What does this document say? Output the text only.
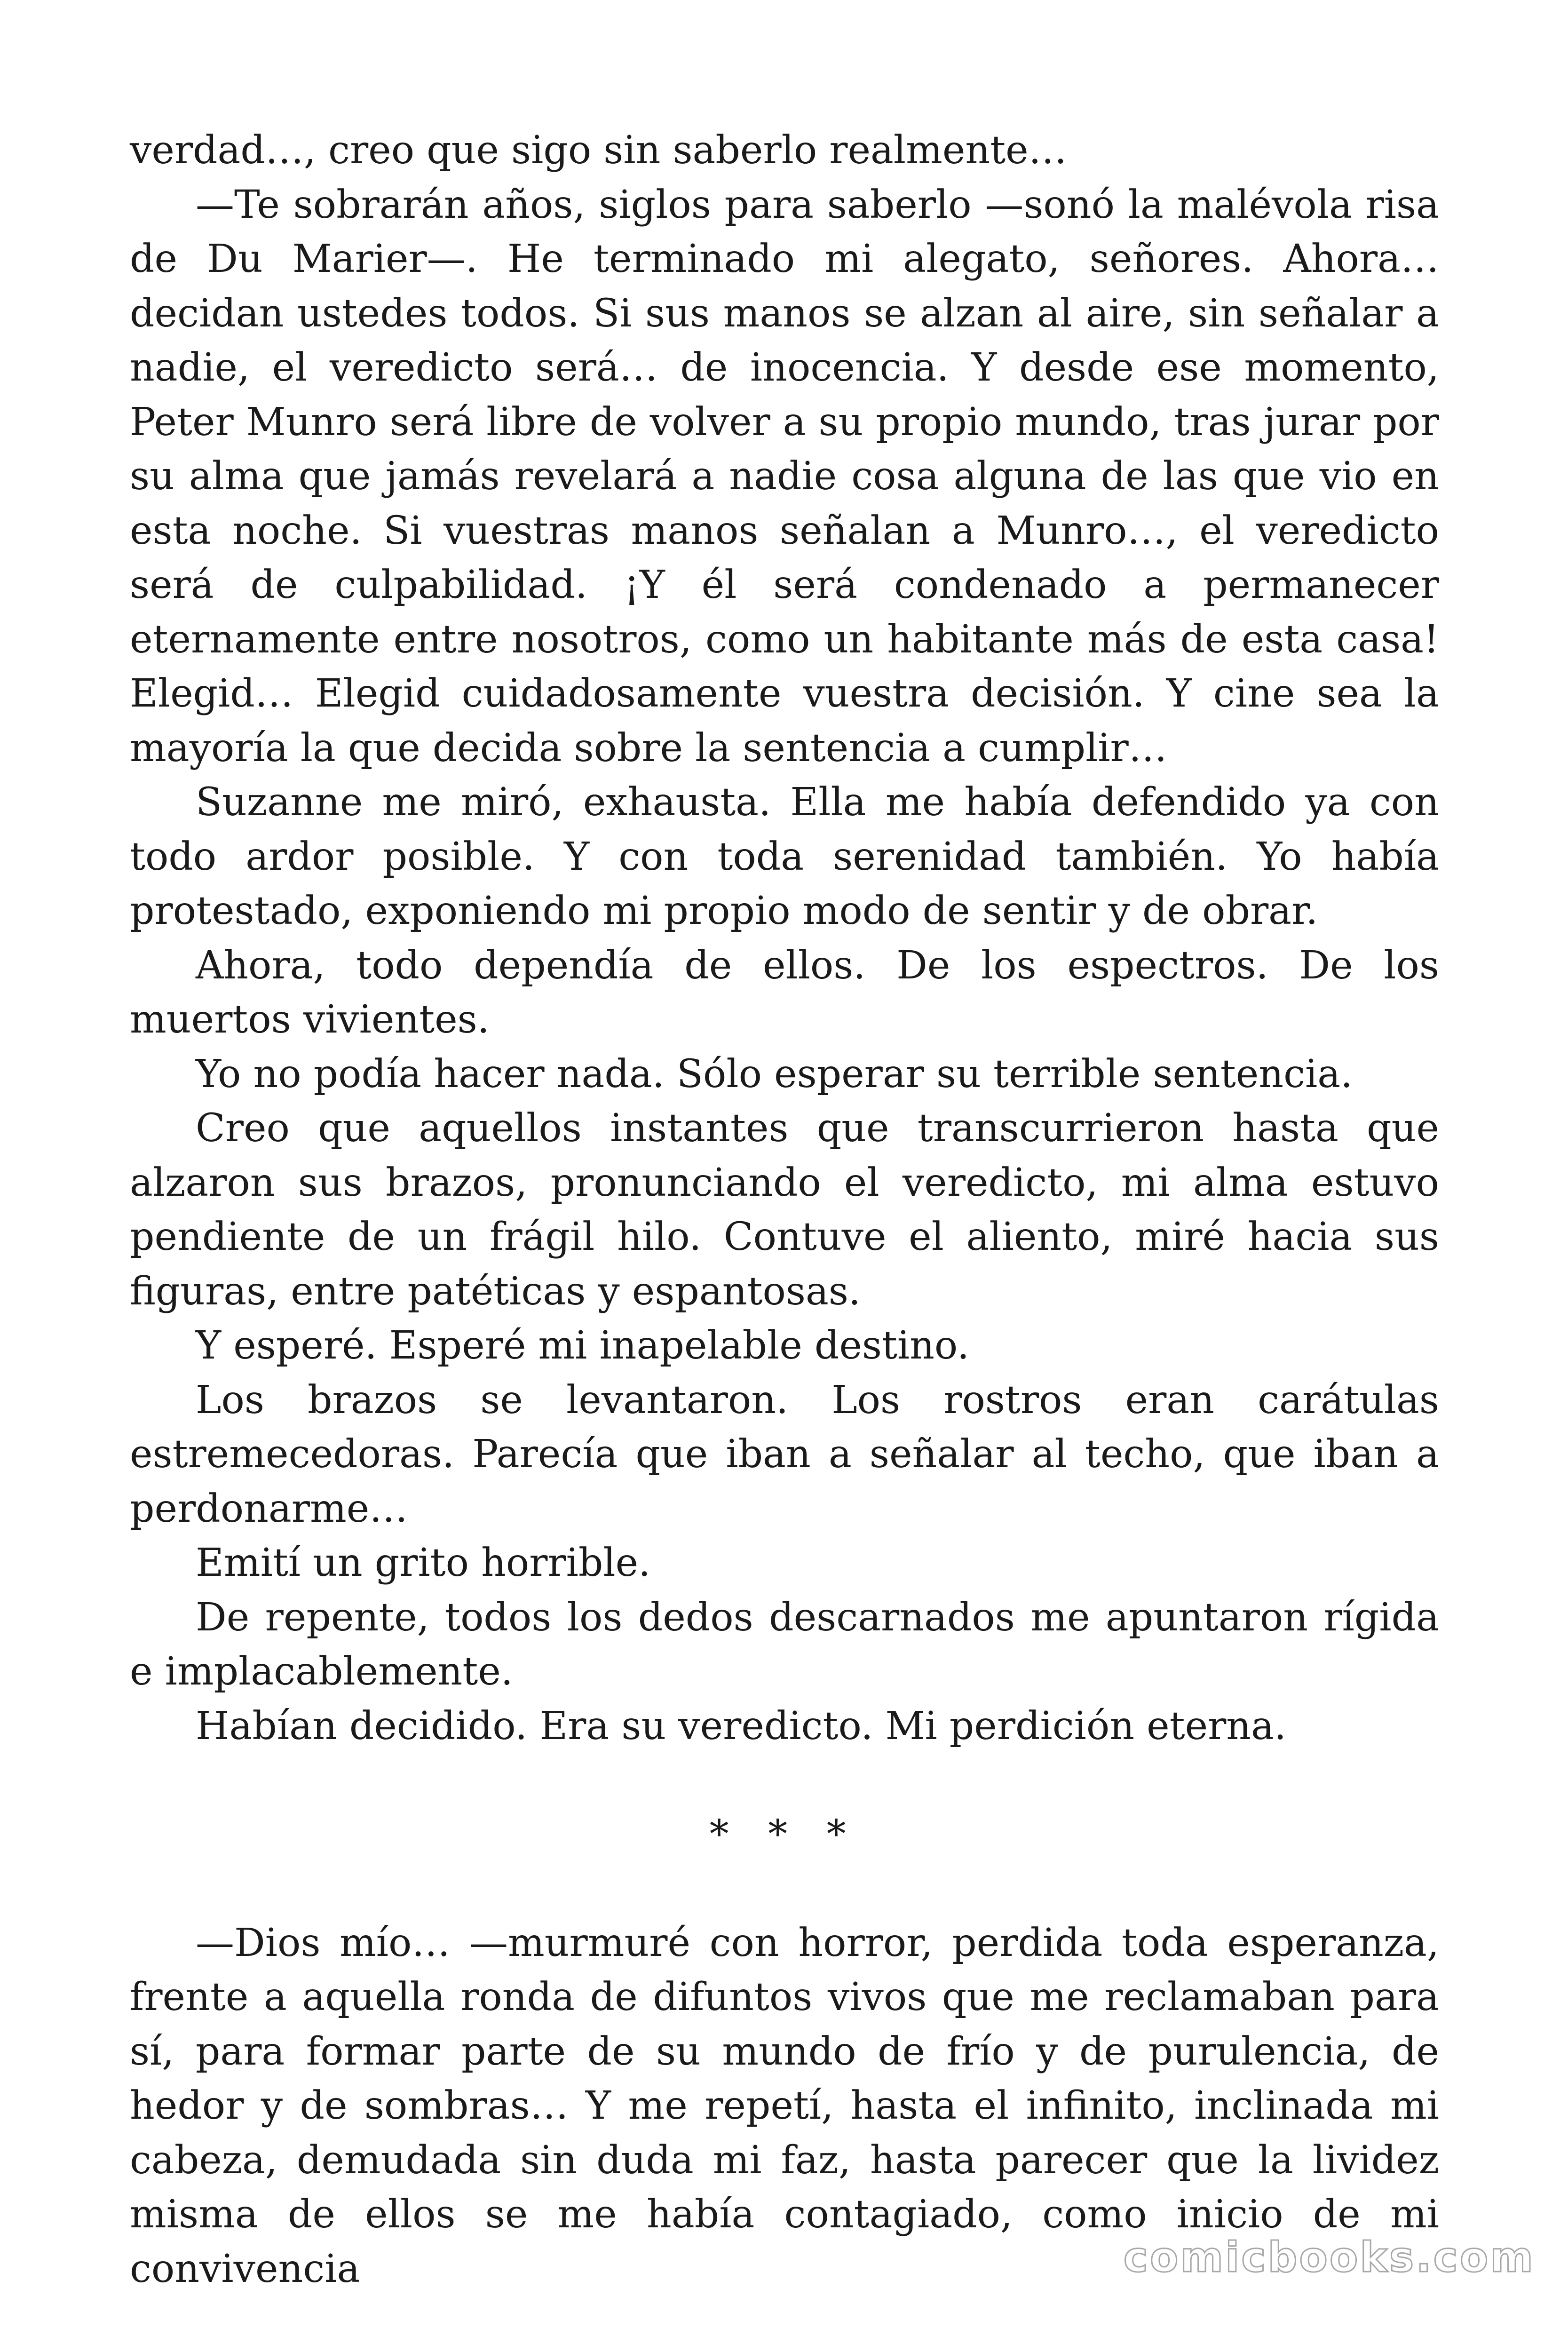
verdad…, creo que sigo sin saberlo realmente…

—Te sobrarán años, siglos para saberlo —sonó la malévola risa de Du Marier—. He terminado mi alegato, señores. Ahora… decidan ustedes todos. Si sus manos se alzan al aire, sin señalar a nadie, el veredicto será… de inocencia. Y desde ese momento, Peter Munro será libre de volver a su propio mundo, tras jurar por su alma que jamás revelará a nadie cosa alguna de las que vio en esta noche. Si vuestras manos señalan a Munro…, el veredicto será de culpabilidad. ¡Y él será condenado a permanecer eternamente entre nosotros, como un habitante más de esta casa! Elegid… Elegid cuidadosamente vuestra decisión. Y cine sea la mayoría la que decida sobre la sentencia a cumplir…

Suzanne me miró, exhausta. Ella me había defendido ya con todo ardor posible. Y con toda serenidad también. Yo había protestado, exponiendo mi propio modo de sentir y de obrar.

Ahora, todo dependía de ellos. De los espectros. De los muertos vivientes.

Yo no podía hacer nada. Sólo esperar su terrible sentencia.

Creo que aquellos instantes que transcurrieron hasta que alzaron sus brazos, pronunciando el veredicto, mi alma estuvo pendiente de un frágil hilo. Contuve el aliento, miré hacia sus figuras, entre patéticas y espantosas.

Y esperé. Esperé mi inapelable destino.

Los brazos se levantaron. Los rostros eran carátulas estremecedoras. Parecía que iban a señalar al techo, que iban a perdonarme…

Emití un grito horrible.

De repente, todos los dedos descarnados me apuntaron rígida e implacablemente.

Habían decidido. Era su veredicto. Mi perdición eterna.

* * *

—Dios mío… —murmuré con horror, perdida toda esperanza, frente a aquella ronda de difuntos vivos que me reclamaban para sí, para formar parte de su mundo de frío y de purulencia, de hedor y de sombras… Y me repetí, hasta el infinito, inclinada mi cabeza, demudada sin duda mi faz, hasta parecer que la lividez misma de ellos se me había contagiado, como inicio de mi convivencia	comicbooks.com
